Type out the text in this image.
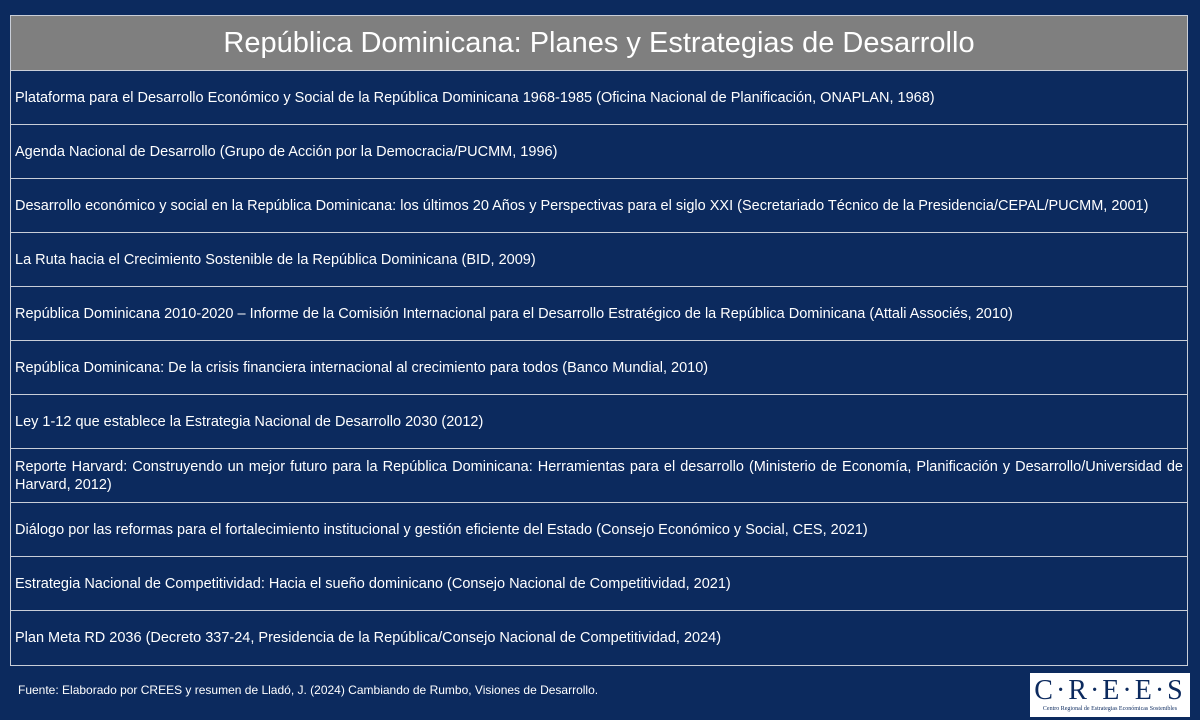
República Dominicana: Planes y Estrategias de Desarrollo
Plataforma para el Desarrollo Económico y Social de la República Dominicana 1968-1985 (Oficina Nacional de Planificación, ONAPLAN, 1968)
Agenda Nacional de Desarrollo (Grupo de Acción por la Democracia/PUCMM, 1996)
Desarrollo económico y social en la República Dominicana: los últimos 20 Años y Perspectivas para el siglo XXI (Secretariado Técnico de la Presidencia/CEPAL/PUCMM, 2001)
La Ruta hacia el Crecimiento Sostenible de la República Dominicana (BID, 2009)
República Dominicana 2010-2020 – Informe de la Comisión Internacional para el Desarrollo Estratégico de la República Dominicana (Attali Associés, 2010)
República Dominicana: De la crisis financiera internacional al crecimiento para todos (Banco Mundial, 2010)
Ley 1-12 que establece la Estrategia Nacional de Desarrollo 2030 (2012)
Reporte Harvard: Construyendo un mejor futuro para la República Dominicana: Herramientas para el desarrollo (Ministerio de Economía, Planificación y Desarrollo/Universidad de Harvard, 2012)
Diálogo por las reformas para el fortalecimiento institucional y gestión eficiente del Estado (Consejo Económico y Social, CES, 2021)
Estrategia Nacional de Competitividad: Hacia el sueño dominicano (Consejo Nacional de Competitividad, 2021)
Plan Meta RD 2036 (Decreto 337-24, Presidencia de la República/Consejo Nacional de Competitividad, 2024)
Fuente: Elaborado por CREES y resumen de Lladó, J. (2024) Cambiando de Rumbo, Visiones de Desarrollo.	C·R·E·E·S
Centro Regional de Estrategias Económicas Sostenibles
